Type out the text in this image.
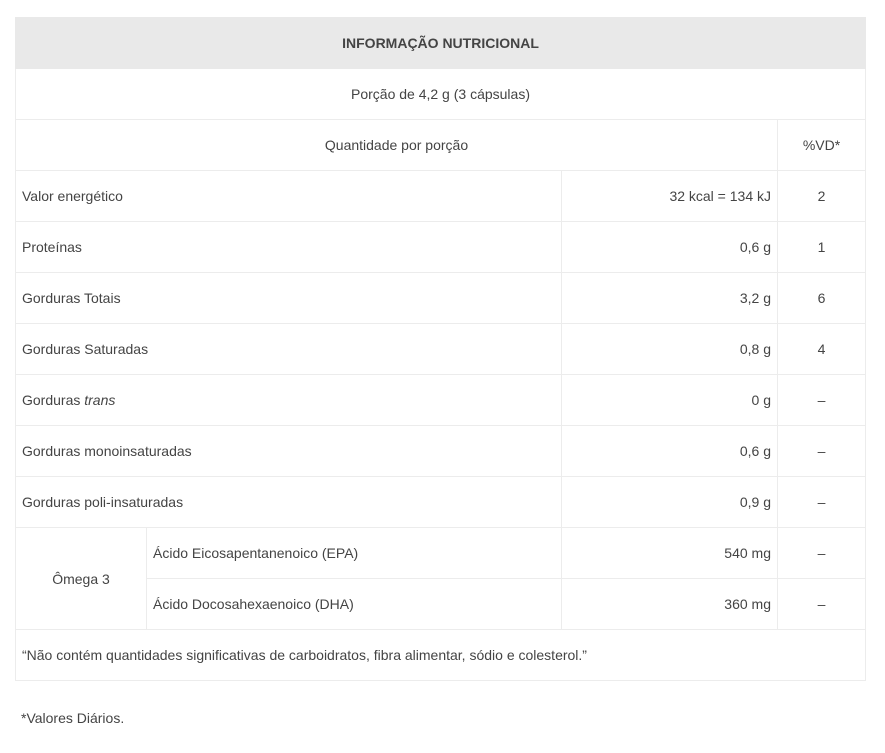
INFORMAÇÃO NUTRICIONAL			
Porção de 4,2 g (3 cápsulas)			
Quantidade por porção			%VD*
Valor energético		32 kcal = 134 kJ	2
Proteínas		0,6 g	1
Gorduras Totais		3,2 g	6
Gorduras Saturadas		0,8 g	4
Gorduras trans		0 g	–
Gorduras monoinsaturadas		0,6 g	–
Gorduras poli-insaturadas		0,9 g	–
Ômega 3	Ácido Eicosapentanenoico (EPA)	540 mg	–
	Ácido Docosahexaenoico (DHA)	360 mg	–
“Não contém quantidades significativas de carboidratos, fibra alimentar, sódio e colesterol.”			
*Valores Diários.
